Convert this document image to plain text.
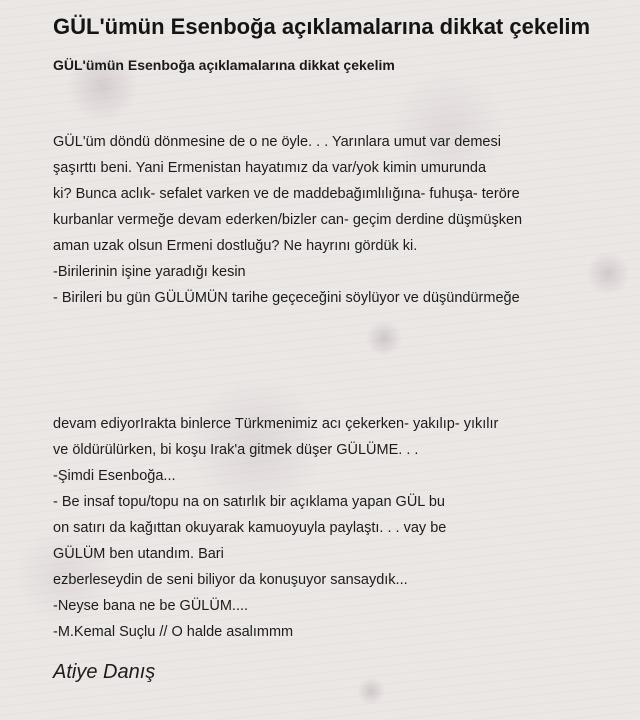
GÜL'ümün Esenboğa açıklamalarına dikkat çekelim
GÜL'ümün Esenboğa açıklamalarına dikkat çekelim
GÜL'üm döndü dönmesine de o ne öyle. . . Yarınlara umut var demesi
şaşırttı beni. Yani Ermenistan hayatımız da var/yok kimin umurunda
ki? Bunca aclık- sefalet varken ve de maddebağımlılığına- fuhuşa- teröre
kurbanlar vermeğe devam ederken/bizler can- geçim derdine düşmüşken
aman uzak olsun Ermeni dostluğu? Ne hayrını gördük ki.
-Birilerinin işine yaradığı kesin
- Birileri bu gün GÜLÜMÜN tarihe geçeceğini söylüyor ve düşündürmeğe
devam ediyorIrakta binlerce Türkmenimiz acı çekerken- yakılıp- yıkılır
ve öldürülürken, bi koşu Irak'a gitmek düşer GÜLÜME. . .
-Şimdi Esenboğa...
- Be insaf topu/topu na on satırlık bir açıklama yapan GÜL bu
on satırı da kağıttan okuyarak kamuoyuyla paylaştı. . . vay be
GÜLÜM ben utandım. Bari
ezberleseydin de seni biliyor da konuşuyor sansaydık...
-Neyse bana ne be GÜLÜM....
-M.Kemal Suçlu // O halde asalımmm

Atiye Danış
